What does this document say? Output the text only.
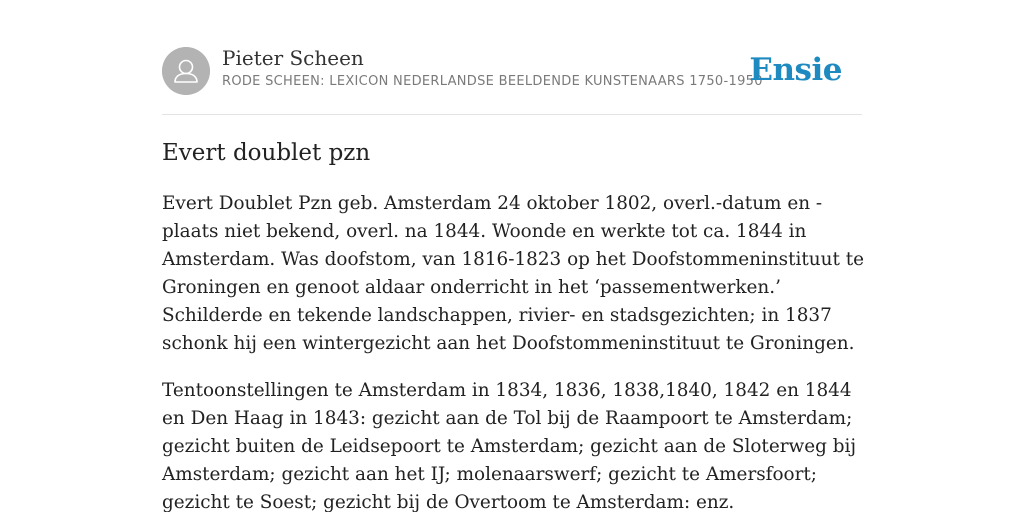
Pieter Scheen
RODE SCHEEN: LEXICON NEDERLANDSE BEELDENDE KUNSTENAARS 1750-1950
Ensie
Evert doublet pzn

Evert Doublet Pzn geb. Amsterdam 24 oktober 1802, overl.-datum en -plaats niet bekend, overl. na 1844. Woonde en werkte tot ca. 1844 in Amsterdam. Was doofstom, van 1816-1823 op het Doofstommeninstituut te Groningen en genoot aldaar onderricht in het ‘passementwerken.’ Schilderde en tekende landschappen, rivier- en stadsgezichten; in 1837 schonk hij een wintergezicht aan het Doofstommeninstituut te Groningen.

Tentoonstellingen te Amsterdam in 1834, 1836, 1838,1840, 1842 en 1844 en Den Haag in 1843: gezicht aan de Tol bij de Raampoort te Amsterdam; gezicht buiten de Leidsepoort te Amsterdam; gezicht aan de Sloterweg bij Amsterdam; gezicht aan het IJ; molenaarswerf; gezicht te Amersfoort; gezicht te Soest; gezicht bij de Overtoom te Amsterdam: enz.
